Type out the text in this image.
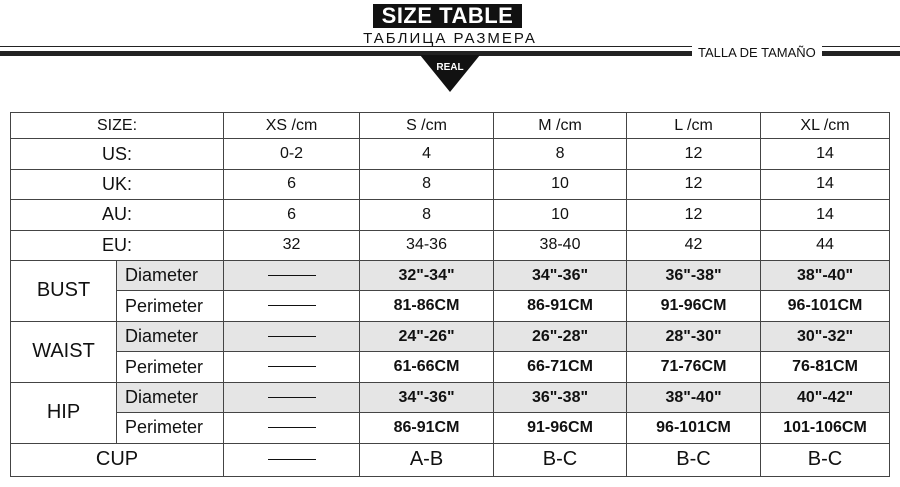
SIZE TABLE
ТАБЛИЦА РАЗМЕРА
TALLA DE TAMAÑO
REAL
SIZE:		XS /cm	S /cm	M /cm	L /cm	XL /cm
US:		0-2	4	8	12	14
UK:		6	8	10	12	14
AU:		6	8	10	12	14
EU:		32	34-36	38-40	42	44
BUST	Diameter		32"-34"	34"-36"	36"-38"	38"-40"
	Perimeter		81-86CM	86-91CM	91-96CM	96-101CM
WAIST	Diameter		24"-26"	26"-28"	28"-30"	30"-32"
	Perimeter		61-66CM	66-71CM	71-76CM	76-81CM
HIP	Diameter		34"-36"	36"-38"	38"-40"	40"-42"
	Perimeter		86-91CM	91-96CM	96-101CM	101-106CM
CUP			A-B	B-C	B-C	B-C
